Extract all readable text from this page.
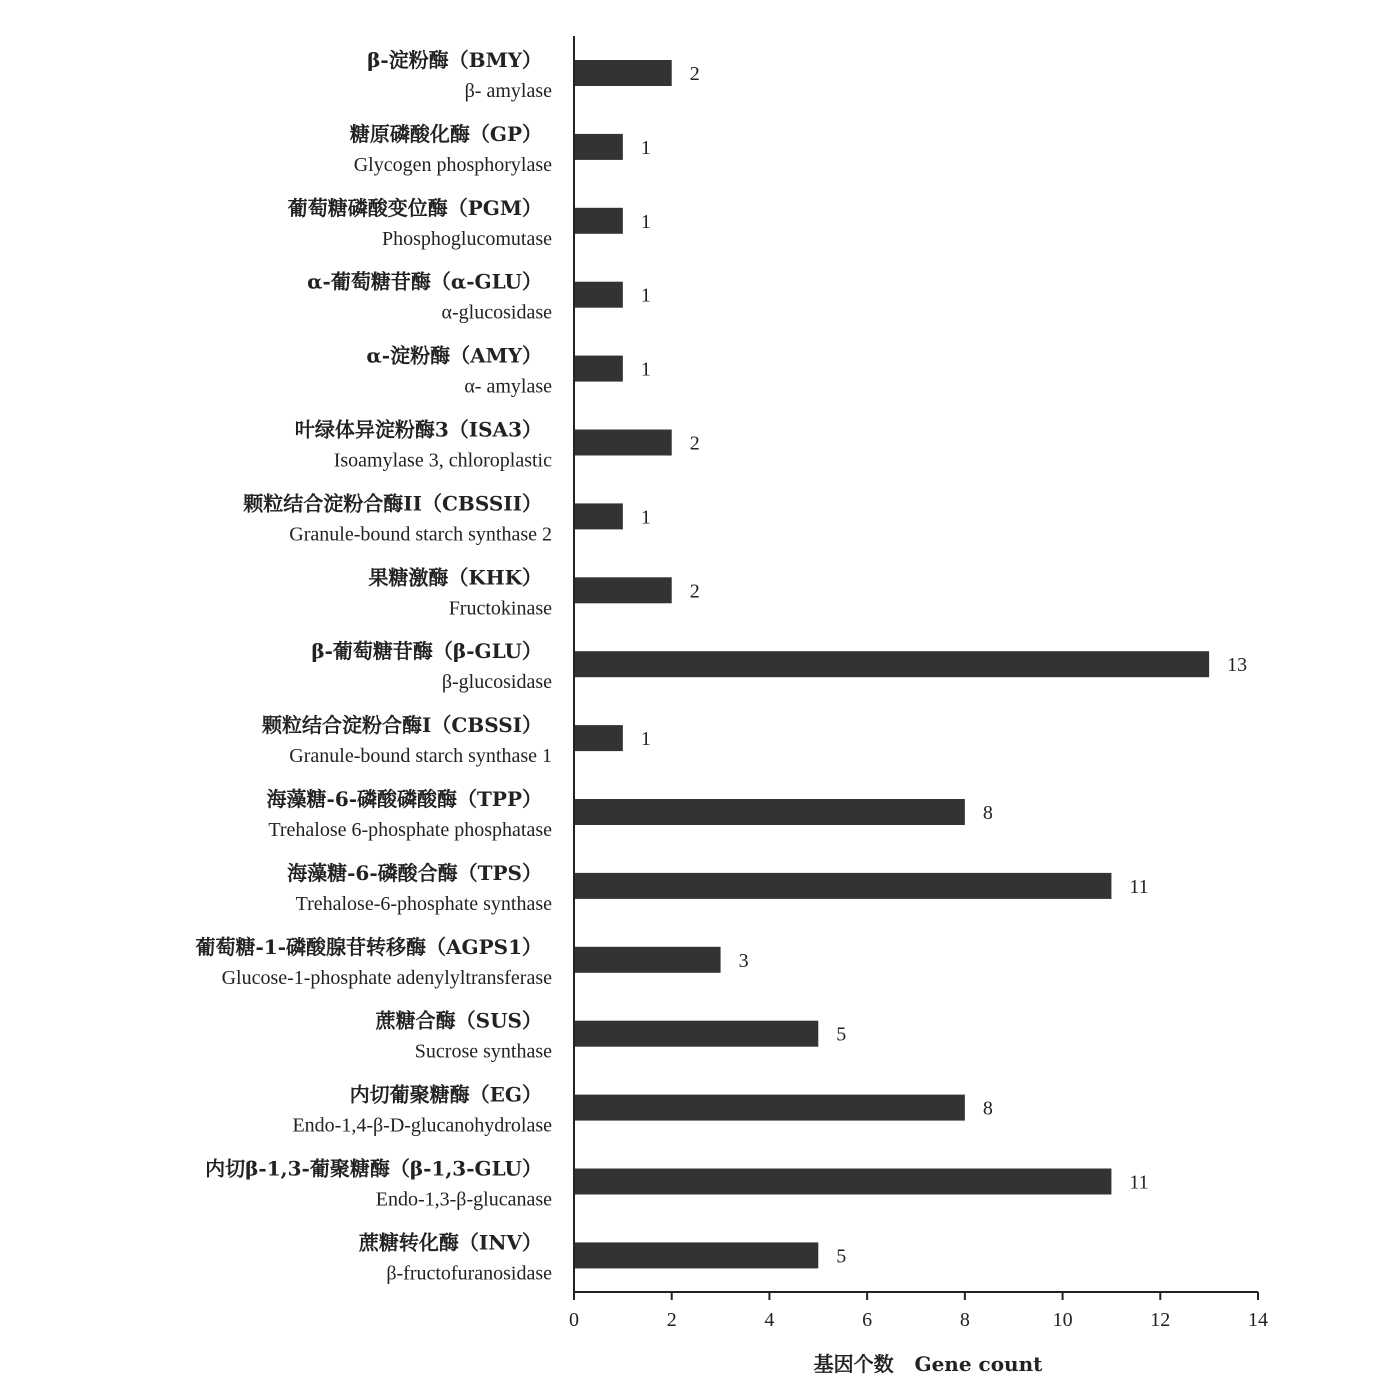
β-淀粉酶（BMY）
β- amylase
糖原磷酸化酶（GP）
Glycogen phosphorylase
葡萄糖磷酸变位酶（PGM）
Phosphoglucomutase
α-葡萄糖苷酶（α-GLU）
α-glucosidase
α-淀粉酶（AMY）
α- amylase
叶绿体异淀粉酶3（ISA3）
Isoamylase 3, chloroplastic
颗粒结合淀粉合酶II（CBSSII）
Granule-bound starch synthase 2
果糖激酶（KHK）
Fructokinase
β-葡萄糖苷酶（β-GLU）
β-glucosidase
颗粒结合淀粉合酶I（CBSSI）
Granule-bound starch synthase 1
海藻糖-6-磷酸磷酸酶（TPP）
Trehalose 6-phosphate phosphatase
海藻糖-6-磷酸合酶（TPS）
Trehalose-6-phosphate synthase
葡萄糖-1-磷酸腺苷转移酶（AGPS1）
Glucose-1-phosphate adenylyltransferase
蔗糖合酶（SUS）
Sucrose synthase
内切葡聚糖酶（EG）
Endo-1,4-β-D-glucanohydrolase
内切β-1,3-葡聚糖酶（β-1,3-GLU）
Endo-1,3-β-glucanase
蔗糖转化酶（INV）
β-fructofuranosidase
2
1
1
1
1
2
1
2
13
1
8
11
3
5
8
11
5
0	2	4	6	8	10	12	14
基因个数   Gene count
